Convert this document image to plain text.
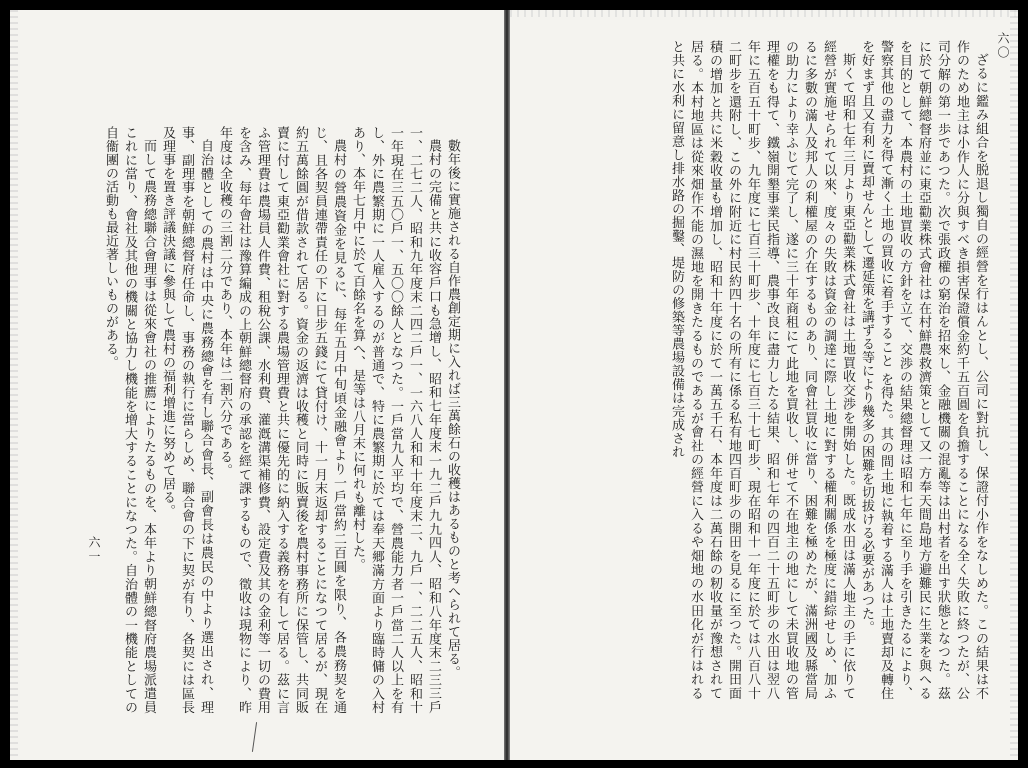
六〇

ざるに鑑み組合を脱退し獨自の經營を行はんとし、公司に對抗し、保證付小作をなしめた。この結果は不作のため地主は小作人に分與すべき損害保證償金約千五百圓を負擔することになる全く失敗に終つたが、公司分解の第一歩であつた。次で張政權の窮治を招來し、金融機關の混亂等は出村者を出す狀態となつた。茲に於て朝鮮總督府並に東亞勸業株式會社は在村鮮農救濟策として又一方奉天間島地方避難民に生業を與へるを目的として、本農村の土地買收の方針を立て、交渉の結果總督理は昭和七年に至り手を引きたるにより、警察其他の盡力を得て漸く土地の買收に着手すること を得た。其の間土地に執着する滿人は土地賣却及轉住を好まず且又有利に賣却せんとして遷延策を講ずる等により幾多の困難を切拔ける必要があつた。

斯くて昭和七年三月より東亞勸業株式會社は土地買收交渉を開始した。既成水田は滿人地主の手に依りて經營が實施せられて以來、度々の失敗は資金の調達に際し土地に對する權利關係を極度に錯綜せしめ、加ふるに多數の滿人及邦人の利權屋の介在するものあり、同會社買收に當り、困難を極めたが、滿洲國及縣當局の助力により幸ふじて完了し、遂に三十年商租にて此地を買收し、併せて不在地主の地にして未買收地の管理權をも得て、鐵嶺開墾事業民指導、農事改良に盡力したる結果、昭和七年の四百二十五町步の水田は翌八年に五百五十町步、九年度に七百三十町步、十年度に七百三十七町步、現在昭和十一年度に於ては八百八十二町步を還附し、この外に附近に村民約四十名の所有に係る私有地四百町步の開田を見るに至つた。開田面積の增加と共に米穀收量も增加し、昭和十年度に於て一萬五千石、本年度は二萬石餘の籾收量が豫想されて居る。本村地區は從來畑作不能の濕地を開きたるものであるが會社の經營に入るや畑地の水田化が行はれると共に水利に留意し排水路の掘鑿、堤防の修築等農場設備は完成され

六一	數年後に實施される自作農創定期に入れば三萬餘石の收穫はあるものと考へられて居る。

農村の完備と共に收容戶口も急增し、昭和七年度末一九二戶九九四人、昭和八年度末二三三戶一、二七二人、昭和九年度末二四二戶一、一六八人和和十年度末二、九戶一、二二五人、昭和十一年現在三五〇戶一、五〇〇餘人となつた。一戶當九人平均で、營農能力者一戶當二人以上を有し、外に農繁期に一人雇入するのが普通で、特に農繁期に於ては奉天郷滿方面より臨時傭の入村あり、本年七月中に於て百餘名を算へ、是等は八月末に何れも離村した。

農村の營農資金を見るに、每年五月中旬頃金融會より一戶當約二百圓を限り、各農務契を通じ、且各契員連帶責任の下に日步五錢にて貸付け、十一月末返却することになつて居るが、現在約五萬餘圓が借款されて居る。資金の返濟は收穫と同時に販賣後を農村事務所に保管し、共同販賣に付して東亞勸業會社に對する農場管理費と共に優先的に納入する義務を有して居る。茲に言ふ管理費は農場員人件費、租稅公課、水利費、灌漑溝渠補修費、設定費及其の金利等一切の費用を含み、每年會社は豫算編成の上朝鮮總督府の承認を經て課するもので、徵收は現物により、昨年度は全收穫の三割二分であり、本年は二割六分である。

自治體としての農村は中央に農務總會を有し聯合會長、副會長は農民の中より選出され、理事、副理事を朝鮮總督府任命し、事務の執行に當らしめ、聯合會の下に契が有り、各契には區長及理事を置き評議決議に參與して農村の福利增進に努めて居る。

而して農務總聯合會理事は從來會社の推薦によりたるものを、本年より朝鮮總督府農場派遣員これに當り、會社及其他の機關と協力し機能を增大することになつた。自治體の一機能としての自衞團の活動も最近著しいものがある。
